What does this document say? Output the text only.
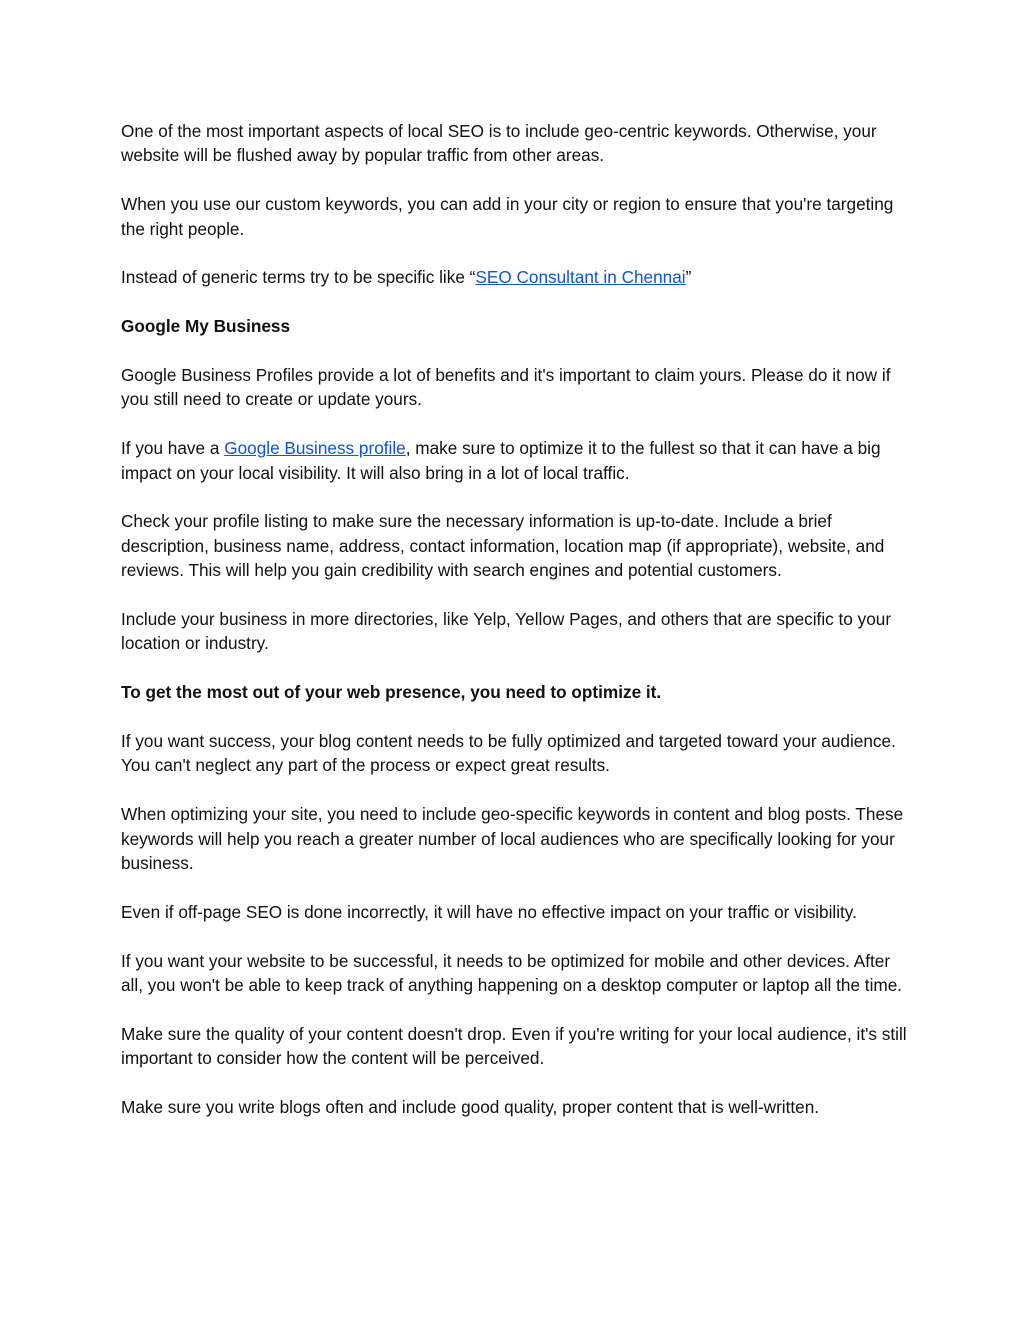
One of the most important aspects of local SEO is to include geo-centric keywords. Otherwise, your website will be flushed away by popular traffic from other areas.

When you use our custom keywords, you can add in your city or region to ensure that you're targeting the right people.

Instead of generic terms try to be specific like “SEO Consultant in Chennai”

Google My Business

Google Business Profiles provide a lot of benefits and it's important to claim yours. Please do it now if you still need to create or update yours.

If you have a Google Business profile, make sure to optimize it to the fullest so that it can have a big impact on your local visibility. It will also bring in a lot of local traffic.

Check your profile listing to make sure the necessary information is up-to-date. Include a brief description, business name, address, contact information, location map (if appropriate), website, and reviews. This will help you gain credibility with search engines and potential customers.

Include your business in more directories, like Yelp, Yellow Pages, and others that are specific to your location or industry.

To get the most out of your web presence, you need to optimize it.

If you want success, your blog content needs to be fully optimized and targeted toward your audience. You can't neglect any part of the process or expect great results.

When optimizing your site, you need to include geo-specific keywords in content and blog posts. These keywords will help you reach a greater number of local audiences who are specifically looking for your business.

Even if off-page SEO is done incorrectly, it will have no effective impact on your traffic or visibility.

If you want your website to be successful, it needs to be optimized for mobile and other devices. After all, you won't be able to keep track of anything happening on a desktop computer or laptop all the time.

Make sure the quality of your content doesn't drop. Even if you're writing for your local audience, it's still important to consider how the content will be perceived.

Make sure you write blogs often and include good quality, proper content that is well-written.
